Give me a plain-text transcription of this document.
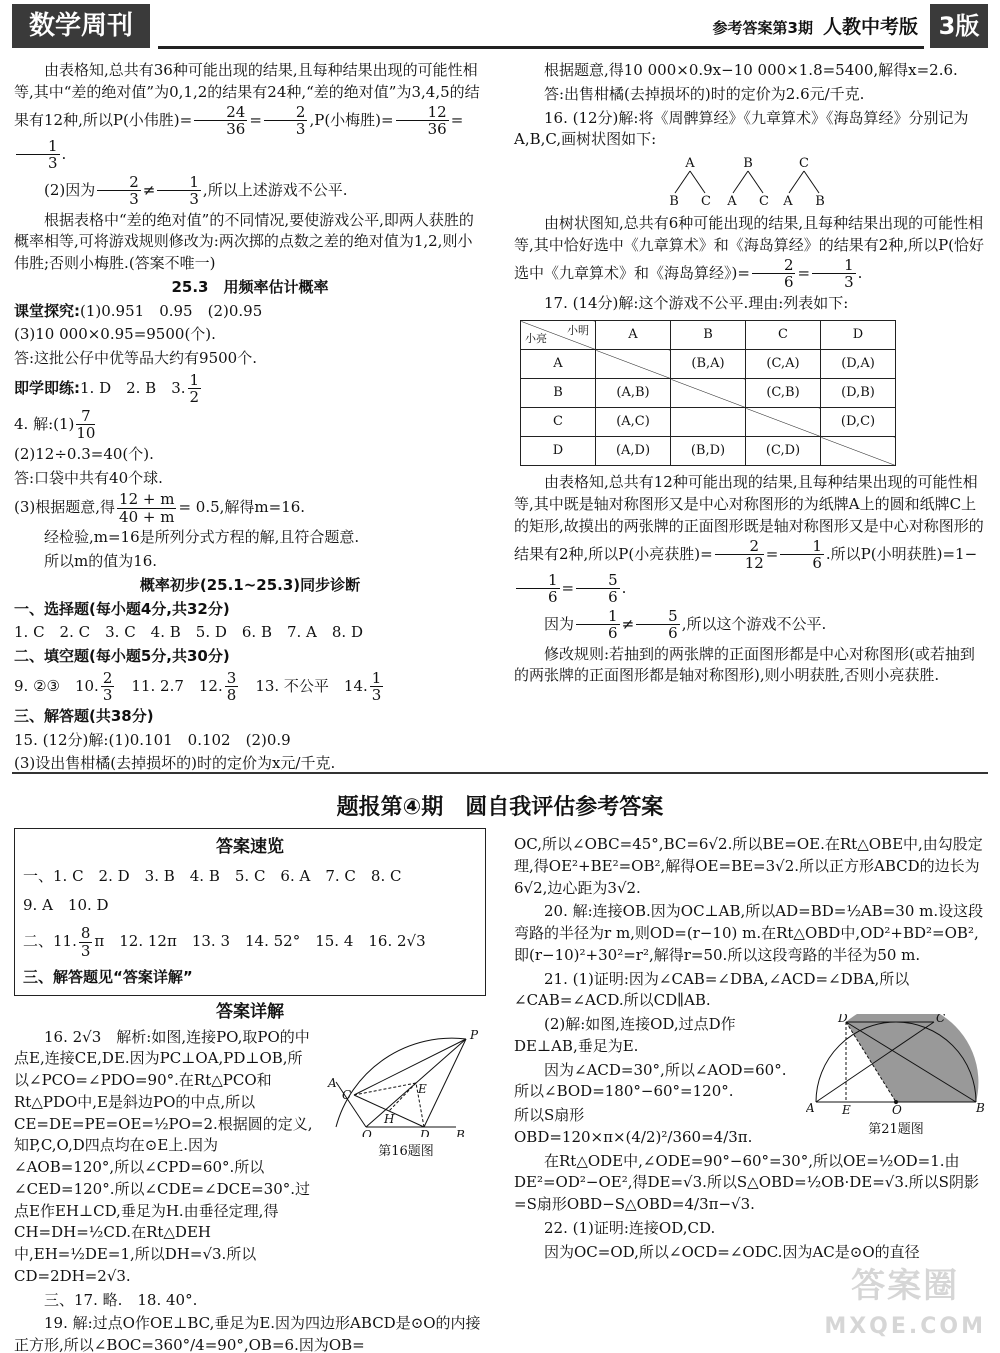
数学周刊	参考答案第3期 人教中考版 3版

由表格知,总共有36种可能出现的结果,且每种结果出现的可能性相等,其中“差的绝对值”为0,1,2的结果有24种,“差的绝对值”为3,4,5的结果有12种,所以P(小伟胜)= $\frac{24}{36} = \frac{2}{3} ,P$(小梅胜)= $\frac{12}{36}$ =
$\frac{1}{3}$ .

(2)因为 $\frac{2}{3} \ne \frac{1}{3}$ ,所以上述游戏不公平.

根据表格中“差的绝对值”的不同情况,要使游戏公平,即两人获胜的概率相等,可将游戏规则修改为:两次掷的点数之差的绝对值为1,2,则小伟胜;否则小梅胜.(答案不唯一)

25.3　用频率估计概率

课堂探究:(1)0.951　0.95　(2)0.95

(3)10 000×0.95=9500(个).

答:这批公仔中优等品大约有9500个.

即学即练:1. D　2. B　3. $\frac{1}{2}$

4. 解:(1) $\frac{7}{10}$

(2)12÷0.3=40(个).

答:口袋中共有40个球.

(3)根据题意,得 $\frac{12 + m}{40 + m} = 0.5$,解得m=16.

经检验,m=16是所列分式方程的解,且符合题意.

所以m的值为16.

概率初步(25.1~25.3)同步诊断

一、选择题(每小题4分,共32分)

1. C　2. C　3. C　4. B　5. D　6. B　7. A　8. D

二、填空题(每小题5分,共30分)

9. ②③　10. $\frac{2}{3}$
　 11. 2.7　12. $\frac{3}{8}$
　 13. 不公平　14. $\frac{1}{3}$

三、解答题(共38分)

15. (12分)解:(1)0.101　0.102　(2)0.9

(3)设出售柑橘(去掉损坏的)时的定价为x元/千克.

根据题意,得10 000×0.9x−10 000×1.8=5400,解得x=2.6.

答:出售柑橘(去掉损坏的)时的定价为2.6元/千克.

16. (12分)解:将《周髀算经》《九章算术》《海岛算经》分别记为A,B,C,画树状图如下:

A	B	C
B C A C A B

由树状图知,总共有6种可能出现的结果,且每种结果出现的可能性相等,其中恰好选中《九章算术》和《海岛算经》的结果有2种,所以P(恰好选中《九章算术》和《海岛算经》)= $\frac{2}{6} = \frac{1}{3}$ .

17. (14分)解:这个游戏不公平.理由:列表如下:

小明
小亮	A	B	C	D
A		(B,A)	(C,A)	(D,A)
B	(A,B)		(C,B)	(D,B)
C	(A,C)			(D,C)
D	(A,D)	(B,D)	(C,D)	

由表格知,总共有12种可能出现的结果,且每种结果出现的可能性相等,其中既是轴对称图形又是中心对称图形的为纸牌A上的圆和纸牌C上的矩形,故摸出的两张牌的正面图形既是轴对称图形又是中心对称图形的结果有2种,所以P(小亮获胜)= $\frac{2}{12} = \frac{1}{6}$ .所以P(小明获胜)=1−
$\frac{1}{6} = \frac{5}{6}$ .

因为 $\frac{1}{6} \ne \frac{5}{6}$ ,所以这个游戏不公平.

修改规则:若抽到的两张牌的正面图形都是中心对称图形(或若抽到的两张牌的正面图形都是轴对称图形),则小明获胜,否则小亮获胜.

题报第④期　圆自我评估参考答案
答案速览

一、1. C　2. D　3. B　4. B　5. C　6. A　7. C　8. C

9. A　10. D

二、11. $\frac{8}{3}$ π　12. 12π　13. 3　14. 52°　15. 4　16. 2√3

三、解答题见“答案详解”

答案详解

16. 2√3　解析:如图,连接PO,取PO的中点E,连接CE,DE.因为PC⊥OA,PD⊥OB,所以∠PCO=∠PDO=90°.在Rt△PCO和Rt△PDO中,E是斜边PO的中点,所以CE=DE=PE=OE=½PO=2.根据圆的定义,知P,C,O,D四点均在⊙E上.因为∠AOB=120°,所以∠CPD=60°.所以∠CED=120°.所以∠CDE=∠DCE=30°.过点E作EH⊥CD,垂足为H.由垂径定理,得CH=DH=½CD.在Rt△DEH中,EH=½DE=1,所以DH=√3.所以CD=2DH=2√3.

P
C	E
H
O	D
A
B
第16题图

三、17. 略.　18. 40°.

19. 解:过点O作OE⊥BC,垂足为E.因为四边形ABCD是⊙O的内接正方形,所以∠BOC=360°/4=90°,OB=6.因为OB=

OC,所以∠OBC=45°,BC=6√2.所以BE=OE.在Rt△OBE中,由勾股定理,得OE²+BE²=OB²,解得OE=BE=3√2.所以正方形ABCD的边长为6√2,边心距为3√2.

20. 解:连接OB.因为OC⊥AB,所以AD=BD=½AB=30 m.设这段弯路的半径为r m,则OD=(r−10) m.在Rt△OBD中,OD²+BD²=OB²,即(r−10)²+30²=r²,解得r=50.所以这段弯路的半径为50 m.

21. (1)证明:因为∠CAB=∠DBA,∠ACD=∠DBA,所以∠CAB=∠ACD.所以CD∥AB.

(2)解:如图,连接OD,过点D作DE⊥AB,垂足为E.

因为∠ACD=30°,所以∠AOD=60°.所以∠BOD=180°−60°=120°.

所以S扇形OBD=120×π×(4/2)²/360=4/3π.

D	C
A E	O	B
第21题图

在Rt△ODE中,∠ODE=90°−60°=30°,所以OE=½OD=1.由DE²=OD²−OE²,得DE=√3.所以S△OBD=½OB·DE=√3.所以S阴影=S扇形OBD−S△OBD=4/3π−√3.

22. (1)证明:连接OD,CD.

因为OC=OD,所以∠OCD=∠ODC.因为AC是⊙O的直径

答案圈
MXQE.COM
